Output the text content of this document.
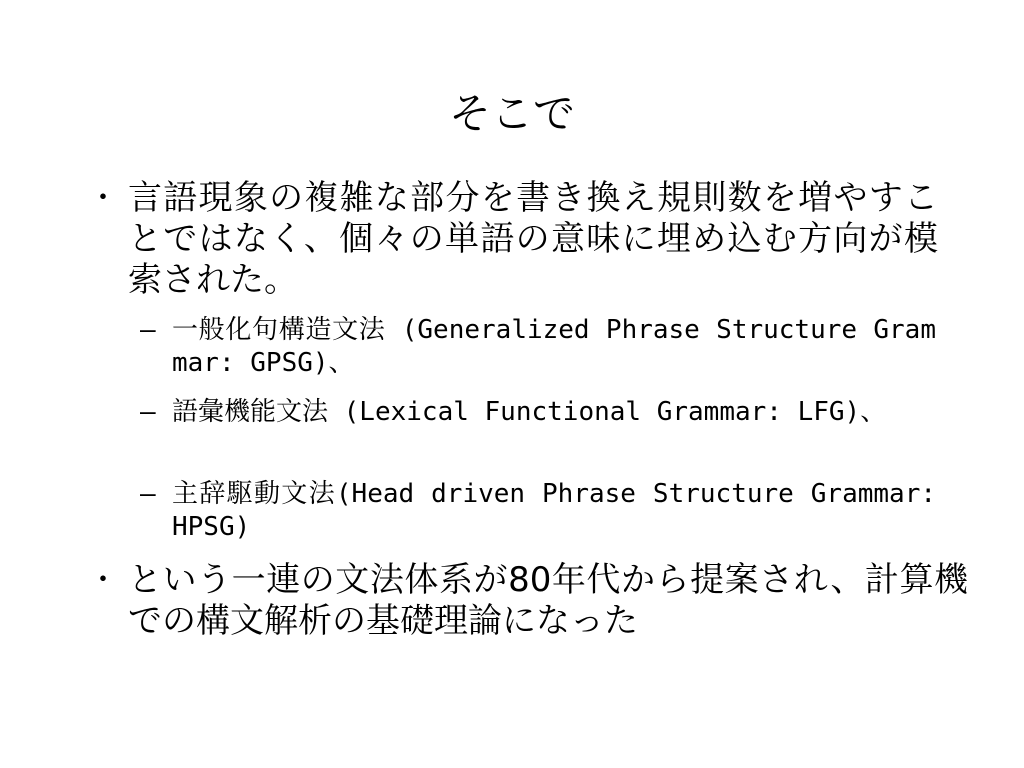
そこで
・ 言語現象の複雑な部分を書き換え規則数を増やすことではなく、個々の単語の意味に埋め込む方向が模索された。
– 一般化句構造文法 (Generalized Phrase Structure Grammar: GPSG)、
– 語彙機能文法 (Lexical Functional Grammar: LFG)、
– 主辞駆動文法(Head driven Phrase Structure Grammar: HPSG)
・ という一連の文法体系が80年代から提案され、計算機での構文解析の基礎理論になった
